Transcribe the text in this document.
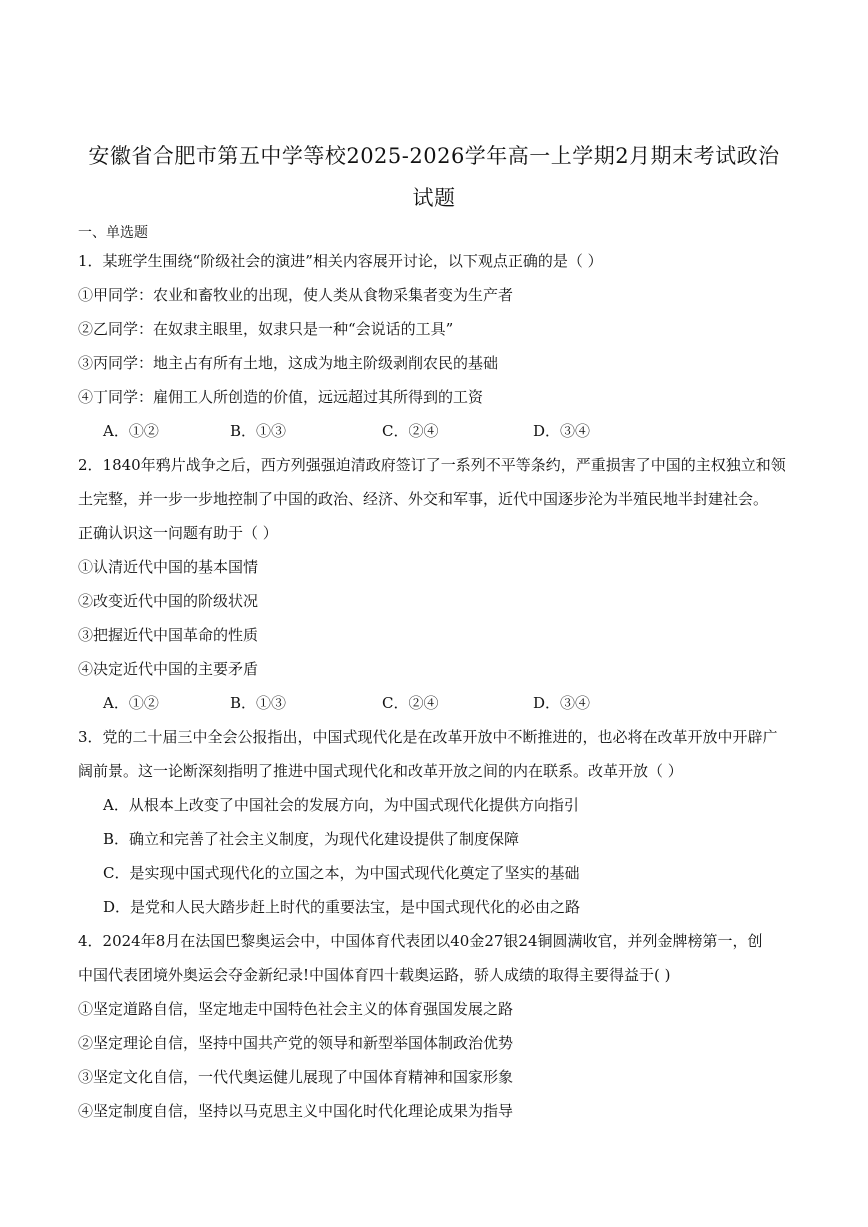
安徽省合肥市第五中学等校2025-2026学年高一上学期2月期末考试政治
试题
一、单选题
1．某班学生围绕“阶级社会的演进”相关内容展开讨论，以下观点正确的是（ ）
①甲同学：农业和畜牧业的出现，使人类从食物采集者变为生产者
②乙同学：在奴隶主眼里，奴隶只是一种“会说话的工具”
③丙同学：地主占有所有土地，这成为地主阶级剥削农民的基础
④丁同学：雇佣工人所创造的价值，远远超过其所得到的工资
A．①②	B．①③	C．②④	D．③④
2．1840年鸦片战争之后，西方列强强迫清政府签订了一系列不平等条约，严重损害了中国的主权独立和领
土完整，并一步一步地控制了中国的政治、经济、外交和军事，近代中国逐步沦为半殖民地半封建社会。
正确认识这一问题有助于（ ）
①认清近代中国的基本国情
②改变近代中国的阶级状况
③把握近代中国革命的性质
④决定近代中国的主要矛盾
A．①②	B．①③	C．②④	D．③④
3．党的二十届三中全会公报指出，中国式现代化是在改革开放中不断推进的，也必将在改革开放中开辟广
阔前景。这一论断深刻指明了推进中国式现代化和改革开放之间的内在联系。改革开放（ ）
A．从根本上改变了中国社会的发展方向，为中国式现代化提供方向指引
B．确立和完善了社会主义制度，为现代化建设提供了制度保障
C．是实现中国式现代化的立国之本，为中国式现代化奠定了坚实的基础
D．是党和人民大踏步赶上时代的重要法宝，是中国式现代化的必由之路
4．2024年8月在法国巴黎奥运会中，中国体育代表团以40金27银24铜圆满收官，并列金牌榜第一，创
中国代表团境外奥运会夺金新纪录!中国体育四十载奥运路，骄人成绩的取得主要得益于( )
①坚定道路自信，坚定地走中国特色社会主义的体育强国发展之路
②坚定理论自信，坚持中国共产党的领导和新型举国体制政治优势
③坚定文化自信，一代代奥运健儿展现了中国体育精神和国家形象
④坚定制度自信，坚持以马克思主义中国化时代化理论成果为指导
